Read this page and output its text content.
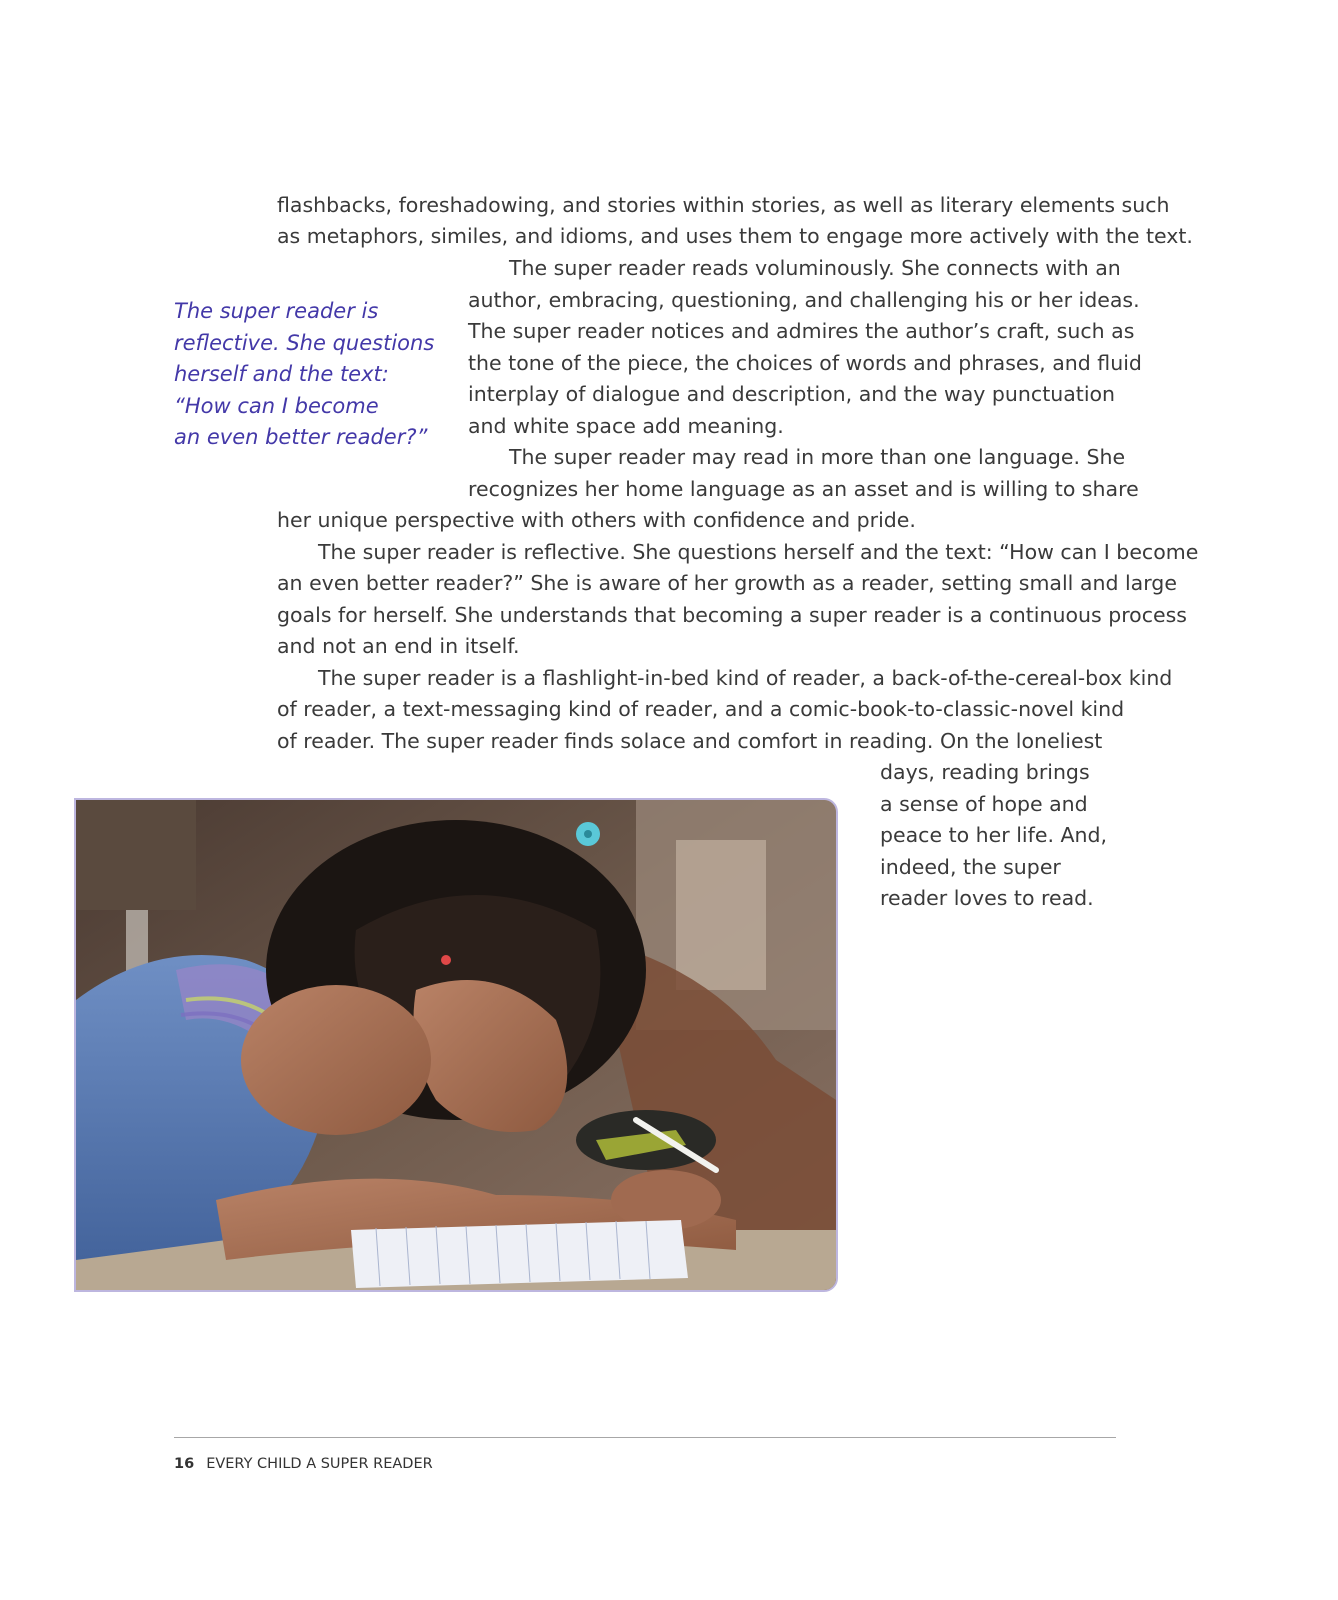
flashbacks, foreshadowing, and stories within stories, as well as literary elements such

as metaphors, similes, and idioms, and uses them to engage more actively with the text.

The super reader reads voluminously. She connects with an

author, embracing, questioning, and challenging his or her ideas.

The super reader notices and admires the author’s craft, such as

the tone of the piece, the choices of words and phrases, and fluid

interplay of dialogue and description, and the way punctuation

and white space add meaning.

The super reader may read in more than one language. She

recognizes her home language as an asset and is willing to share

her unique perspective with others with confidence and pride.

The super reader is reflective. She questions herself and the text: “How can I become

an even better reader?” She is aware of her growth as a reader, setting small and large

goals for herself. She understands that becoming a super reader is a continuous process

and not an end in itself.

The super reader is a flashlight-in-bed kind of reader, a back-of-the-cereal-box kind

of reader, a text-messaging kind of reader, and a comic-book-to-classic-novel kind

of reader. The super reader finds solace and comfort in reading. On the loneliest

days, reading brings

a sense of hope and

peace to her life. And,

indeed, the super

reader loves to read.

The super reader is

reflective. She questions

herself and the text:

“How can I become

an even better reader?”

16 EVERY CHILD A SUPER READER
